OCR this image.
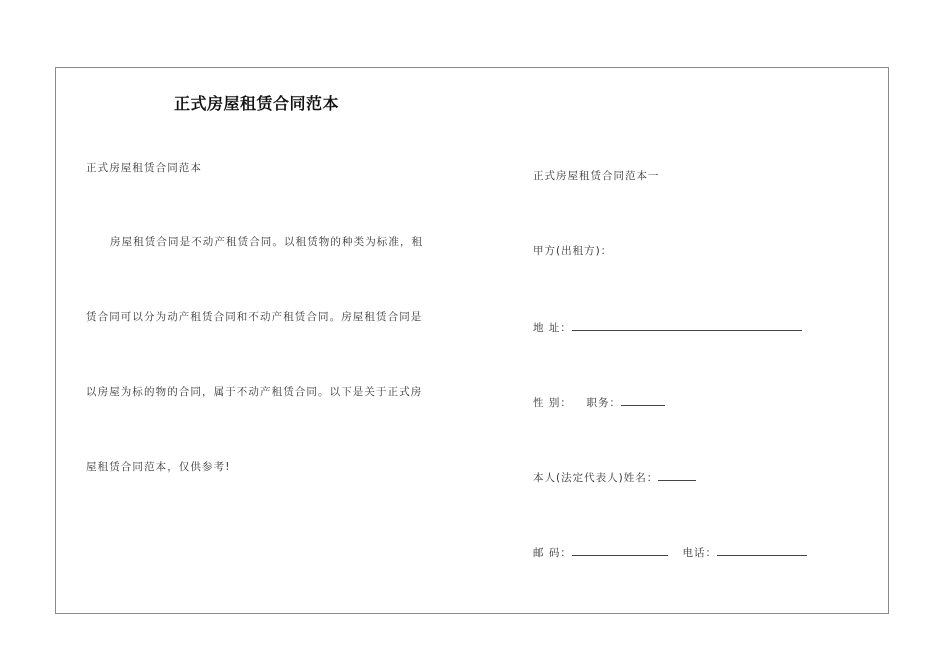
正式房屋租赁合同范本
正式房屋租赁合同范本
房屋租赁合同是不动产租赁合同。以租赁物的种类为标准，租
赁合同可以分为动产租赁合同和不动产租赁合同。房屋租赁合同是
以房屋为标的物的合同，属于不动产租赁合同。以下是关于正式房
屋租赁合同范本，仅供参考!
正式房屋租赁合同范本一
甲方(出租方)：
地 址：
性 别： 职务：
本人(法定代表人)姓名：
邮 码：	电话：
